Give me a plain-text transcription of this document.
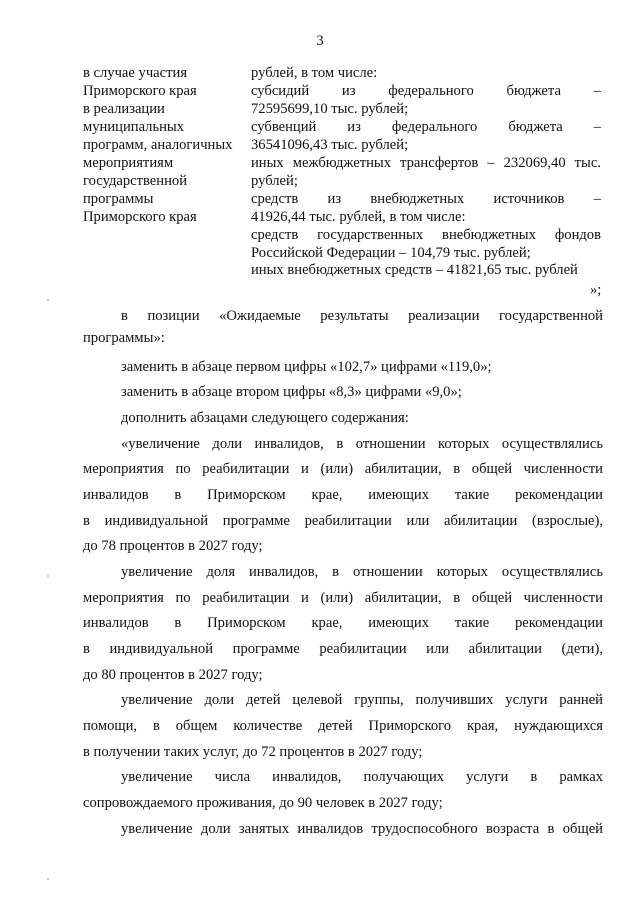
3
в случае участия
Приморского края
в реализации
муниципальных
программ, аналогичных
мероприятиям
государственной
программы
Приморского края
рублей, в том числе:
субсидий из федерального бюджета –
72595699,10 тыс. рублей;
субвенций из федерального бюджета –
36541096,43 тыс. рублей;
иных межбюджетных трансфертов – 232069,40 тыс.
рублей;
средств из внебюджетных источников –
41926,44 тыс. рублей, в том числе:
средств государственных внебюджетных фондов
Российской Федерации – 104,79 тыс. рублей;
иных внебюджетных средств – 41821,65 тыс. рублей
»;
в позиции «Ожидаемые результаты реализации государственной
программы»:
заменить в абзаце первом цифры «102,7» цифрами «119,0»;
заменить в абзаце втором цифры «8,3» цифрами «9,0»;
дополнить абзацами следующего содержания:
«увеличение доли инвалидов, в отношении которых осуществлялись
мероприятия по реабилитации и (или) абилитации, в общей численности
инвалидов в Приморском крае, имеющих такие рекомендации
в индивидуальной программе реабилитации или абилитации (взрослые),
до 78 процентов в 2027 году;
увеличение доля инвалидов, в отношении которых осуществлялись
мероприятия по реабилитации и (или) абилитации, в общей численности
инвалидов в Приморском крае, имеющих такие рекомендации
в индивидуальной программе реабилитации или абилитации (дети),
до 80 процентов в 2027 году;
увеличение доли детей целевой группы, получивших услуги ранней
помощи, в общем количестве детей Приморского края, нуждающихся
в получении таких услуг, до 72 процентов в 2027 году;
увеличение числа инвалидов, получающих услуги в рамках
сопровождаемого проживания, до 90 человек в 2027 году;
увеличение доли занятых инвалидов трудоспособного возраста в общей
